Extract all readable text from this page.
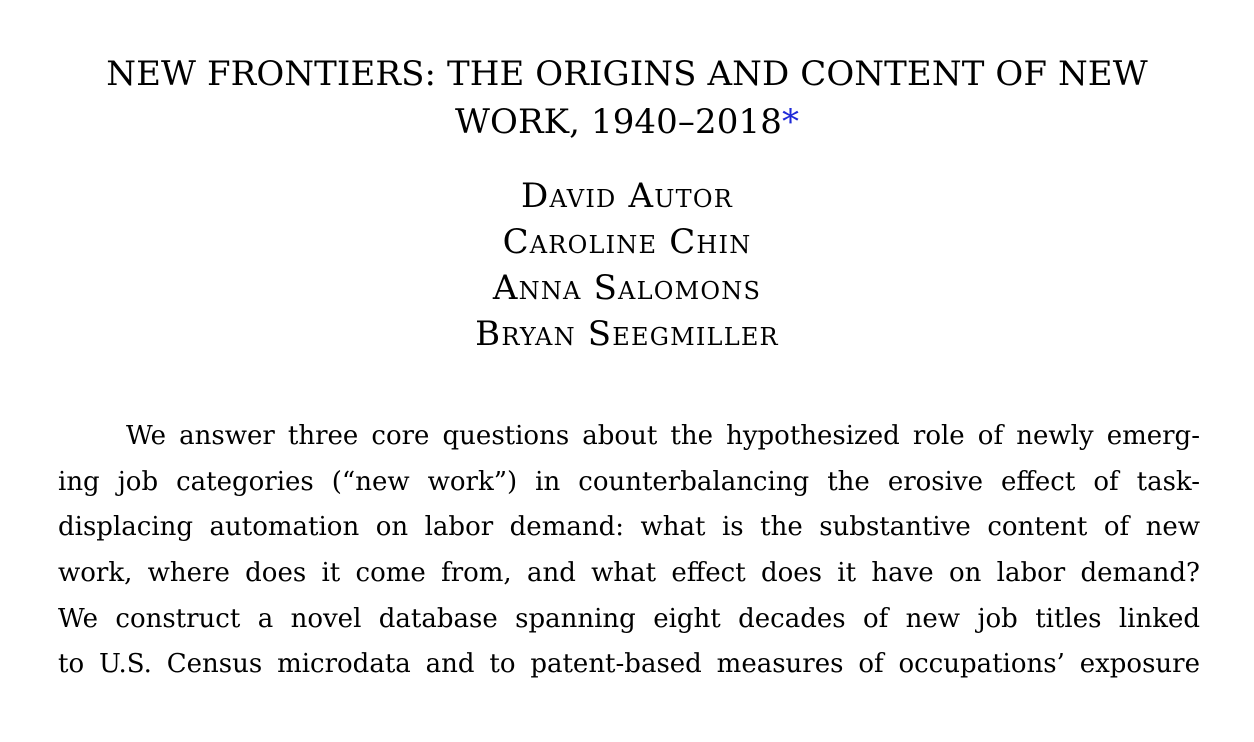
NEW FRONTIERS: THE ORIGINS AND CONTENT OF NEW
WORK, 1940–2018*
David Autor
Caroline Chin
Anna Salomons
Bryan Seegmiller
We answer three core questions about the hypothesized role of newly emerg-
ing job categories (“new work”) in counterbalancing the erosive effect of task-
displacing automation on labor demand: what is the substantive content of new
work, where does it come from, and what effect does it have on labor demand?
We construct a novel database spanning eight decades of new job titles linked
to U.S. Census microdata and to patent-based measures of occupations’ exposure
